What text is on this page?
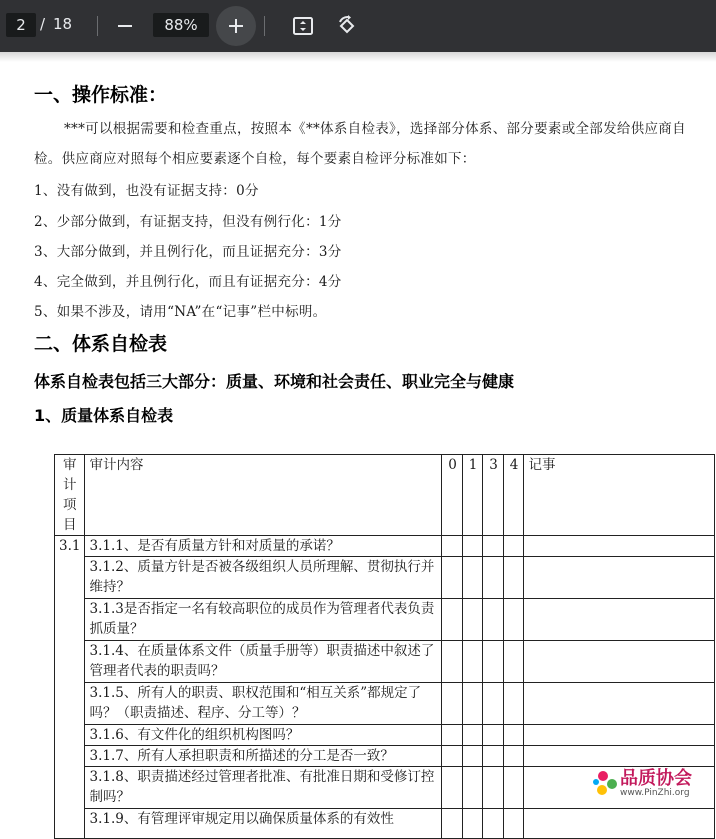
2 / 18	88%
一、操作标准：
***可以根据需要和检查重点，按照本《**体系自检表》，选择部分体系、部分要素或全部发给供应商自检。供应商应对照每个相应要素逐个自检，每个要素自检评分标准如下：
1、没有做到，也没有证据支持：0分
2、少部分做到，有证据支持，但没有例行化：1分
3、大部分做到，并且例行化，而且证据充分：3分
4、完全做到，并且例行化，而且有证据充分：4分
5、如果不涉及，请用“NA”在“记事”栏中标明。
二、体系自检表
体系自检表包括三大部分：质量、环境和社会责任、职业完全与健康
1、质量体系自检表
审计项目	审计内容	0	1	3	4	记事
3.1	3.1.1、是否有质量方针和对质量的承诺？					
	3.1.2、质量方针是否被各级组织人员所理解、贯彻执行并维持？					
	3.1.3是否指定一名有较高职位的成员作为管理者代表负责抓质量？					
	3.1.4、在质量体系文件（质量手册等）职责描述中叙述了管理者代表的职责吗？					
	3.1.5、所有人的职责、职权范围和“相互关系”都规定了吗？（职责描述、程序、分工等）？					
	3.1.6、有文件化的组织机构图吗？					
	3.1.7、所有人承担职责和所描述的分工是否一致？					
	3.1.8、职责描述经过管理者批准、有批准日期和受修订控制吗？					
	3.1.9、有管理评审规定用以确保质量体系的有效性					
品质协会
www.PinZhi.org
